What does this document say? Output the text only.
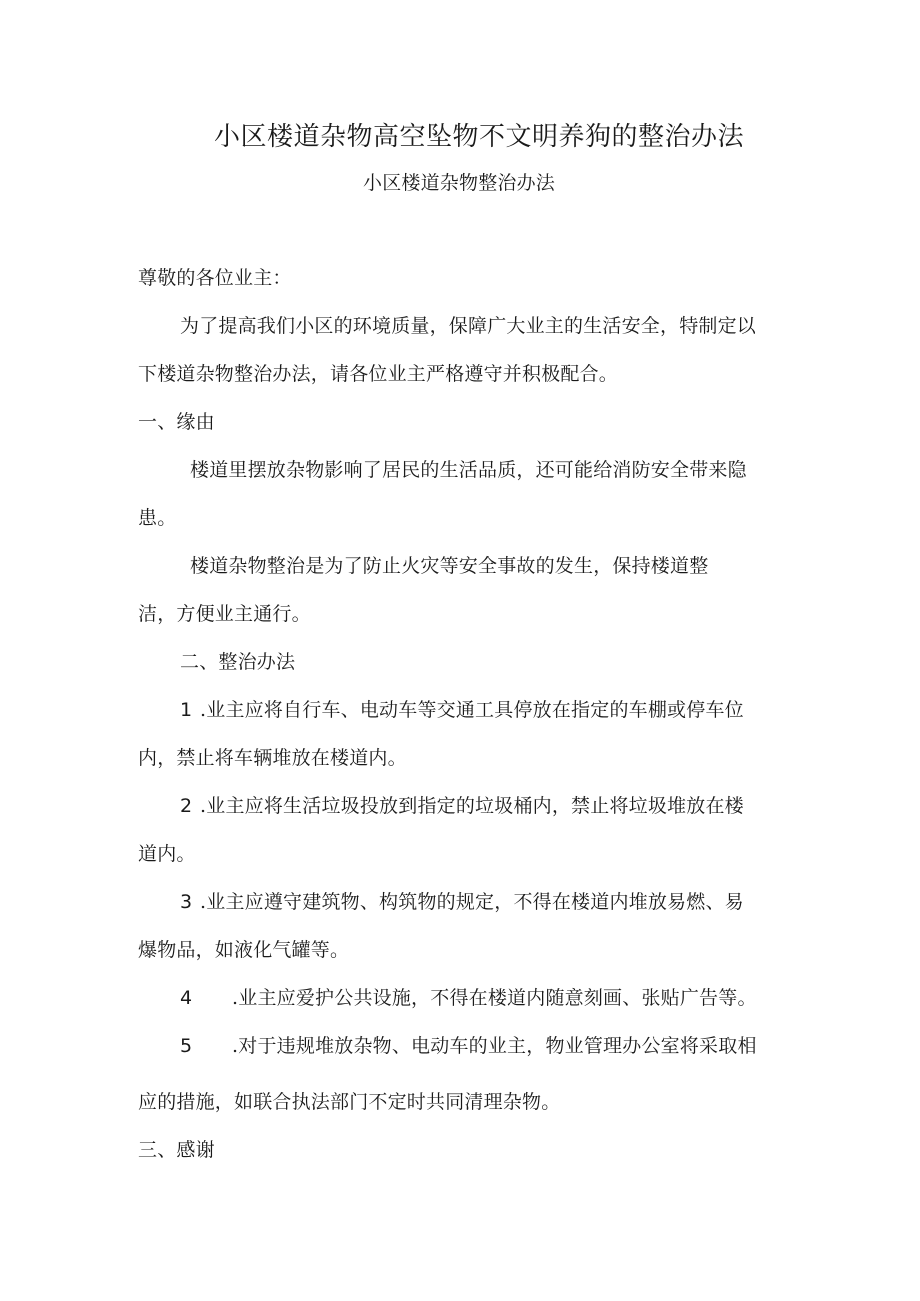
小区楼道杂物高空坠物不文明养狗的整治办法
小区楼道杂物整治办法
尊敬的各位业主：
为了提高我们小区的环境质量，保障广大业主的生活安全，特制定以
下楼道杂物整治办法，请各位业主严格遵守并积极配合。
一、缘由
楼道里摆放杂物影响了居民的生活品质，还可能给消防安全带来隐
患。
楼道杂物整治是为了防止火灾等安全事故的发生，保持楼道整
洁，方便业主通行。
二、整治办法
1 .业主应将自行车、电动车等交通工具停放在指定的车棚或停车位
内，禁止将车辆堆放在楼道内。
2 .业主应将生活垃圾投放到指定的垃圾桶内，禁止将垃圾堆放在楼
道内。
3 .业主应遵守建筑物、构筑物的规定，不得在楼道内堆放易燃、易
爆物品，如液化气罐等。
4 .业主应爱护公共设施，不得在楼道内随意刻画、张贴广告等。
5 .对于违规堆放杂物、电动车的业主，物业管理办公室将采取相
应的措施，如联合执法部门不定时共同清理杂物。
三、感谢
